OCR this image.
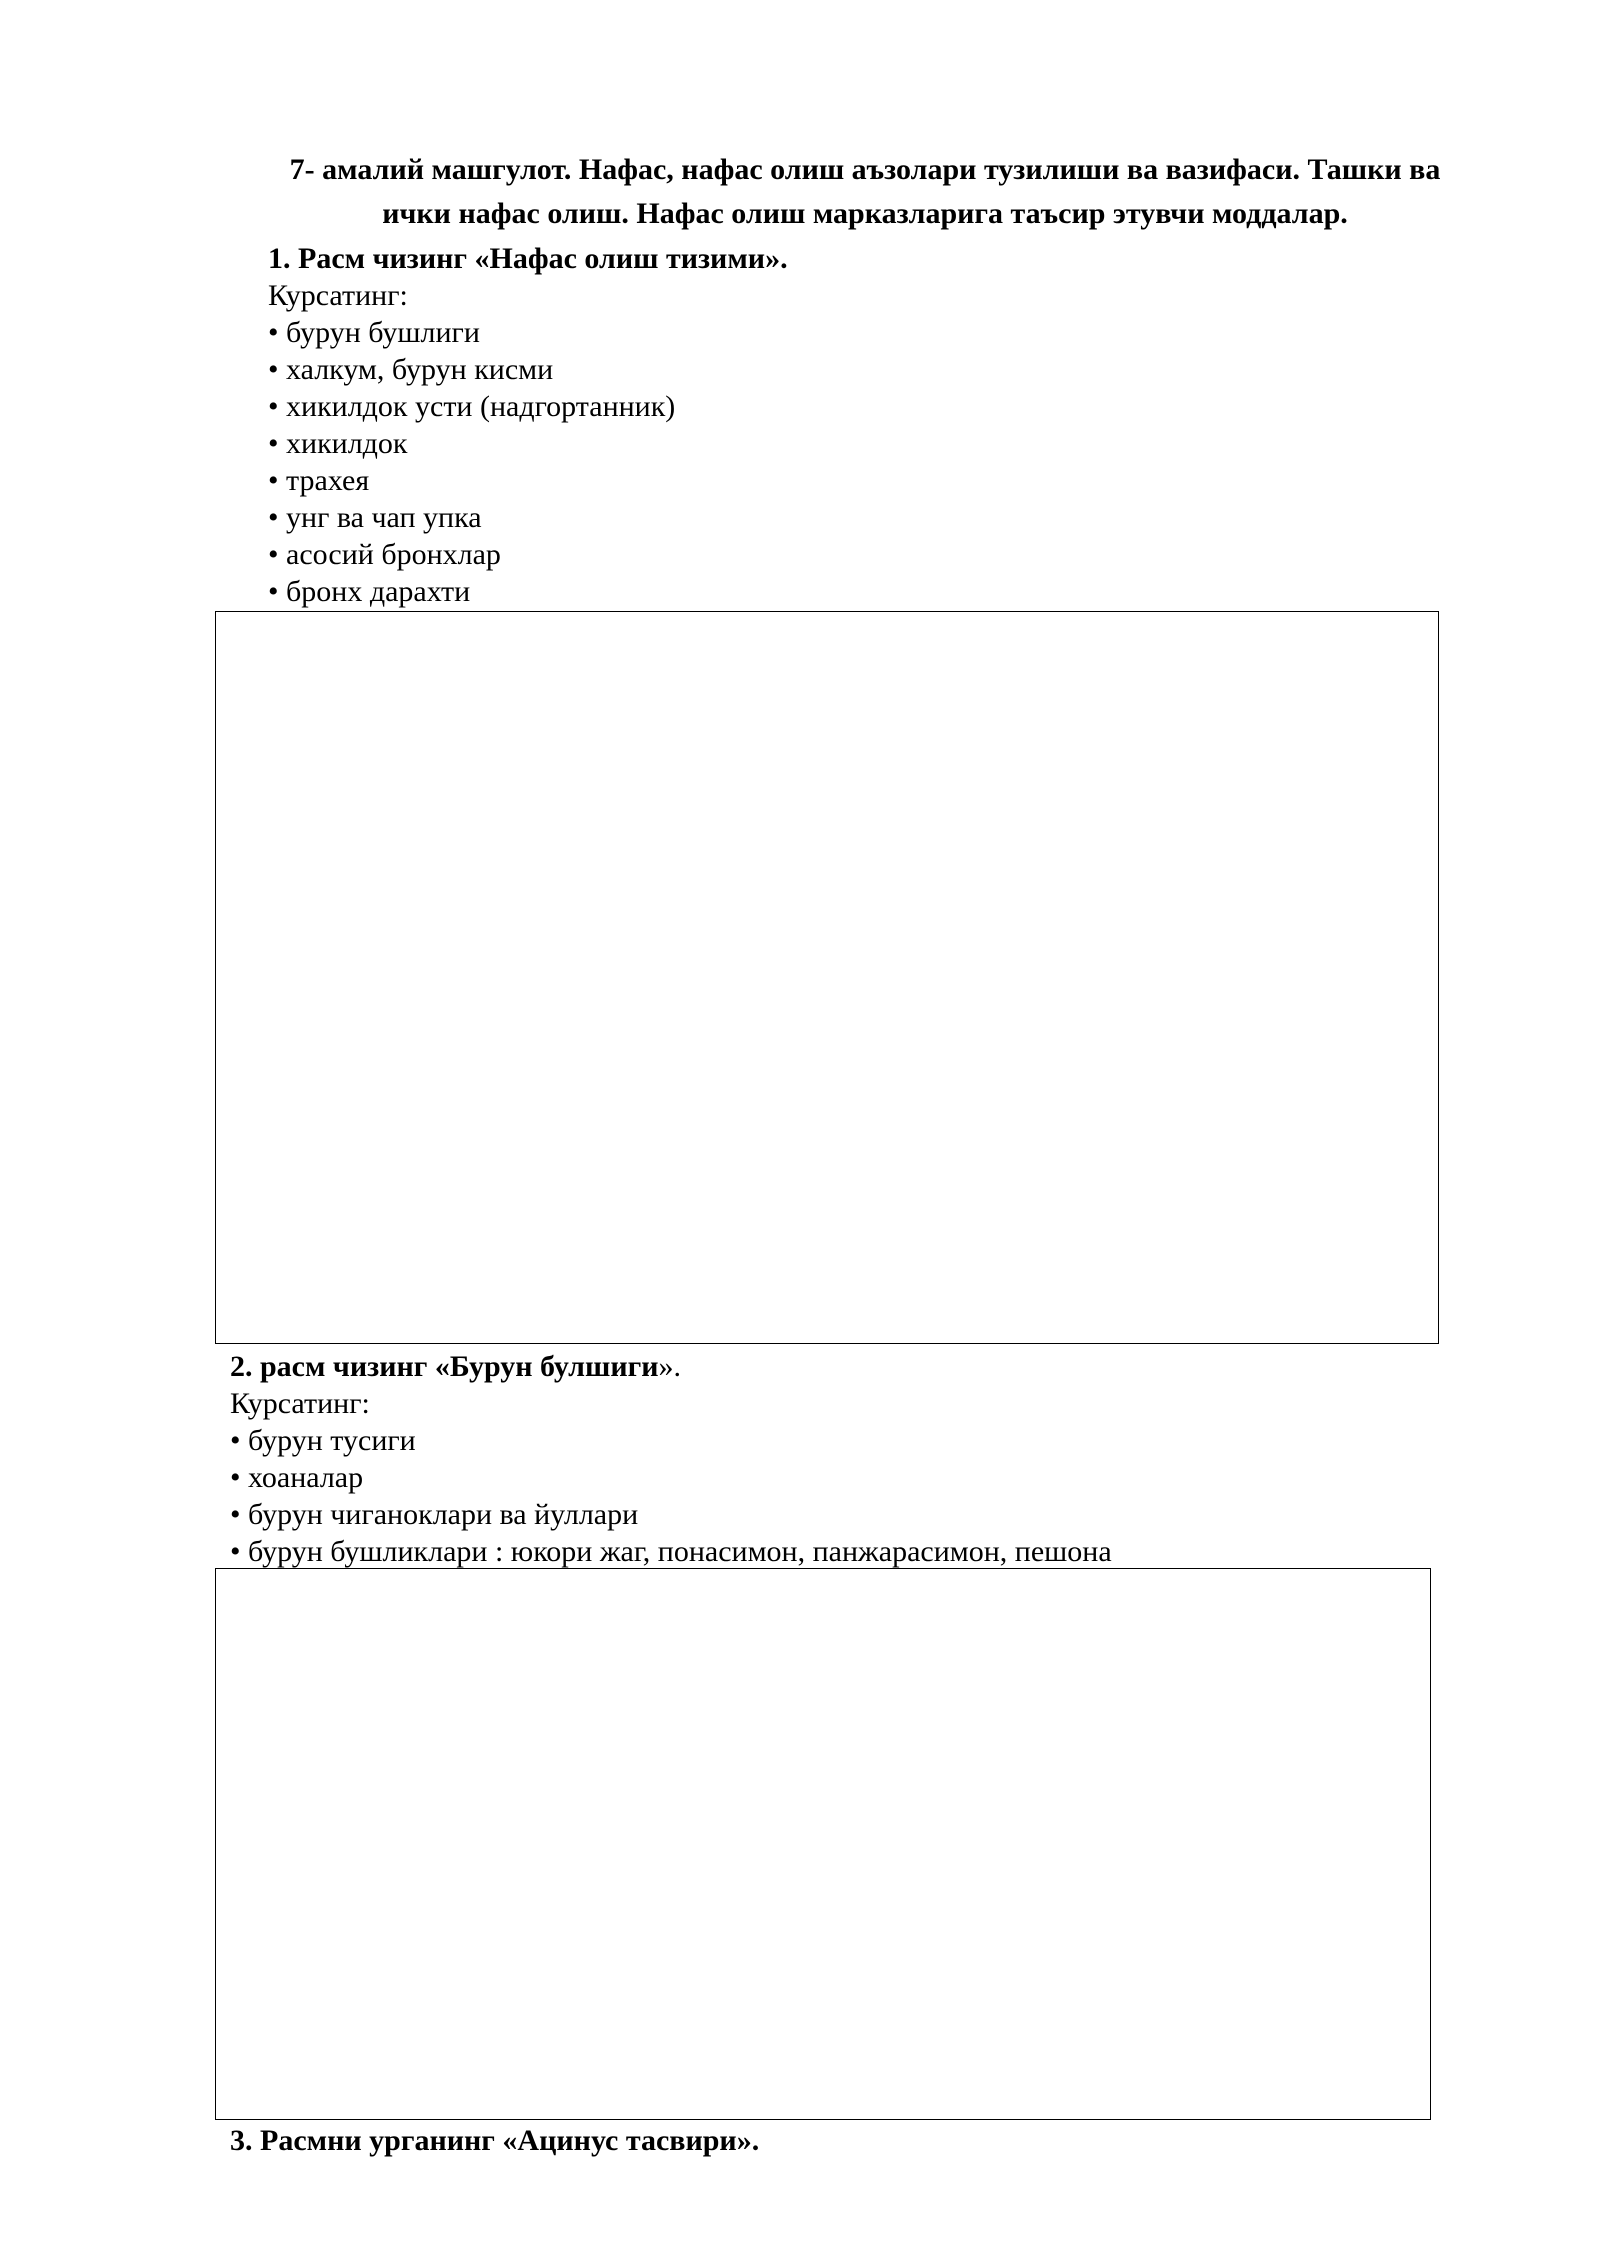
7- амалий машгулот. Нафас, нафас олиш аъзолари тузилиши ва вазифаси. Ташки ва
ички нафас олиш. Нафас олиш марказларига таъсир этувчи моддалар.
1. Расм чизинг «Нафас олиш тизими».
Курсатинг:
• бурун бушлиги
• халкум, бурун кисми
• хикилдок усти (надгортанник)
• хикилдок
• трахея
• унг ва чап упка
• асосий бронхлар
• бронх дарахти
2. расм чизинг «Бурун булшиги».
Курсатинг:
• бурун тусиги
• хоаналар
• бурун чиганоклари ва йуллари
• бурун бушликлари : юкори жаг, понасимон, панжарасимон, пешона
3. Расмни урганинг «Ацинус тасвири».
